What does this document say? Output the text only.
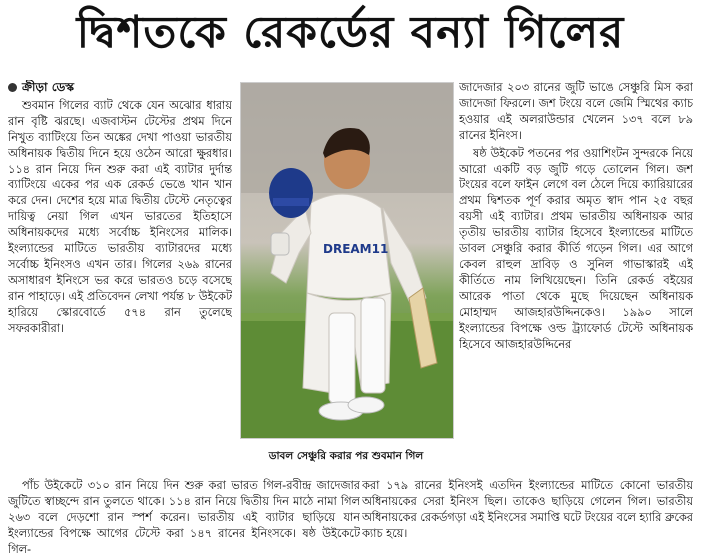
দ্বিশতকে রেকর্ডের বন্যা গিলের

ক্রীড়া ডেস্ক

শুবমান গিলের ব্যাট থেকে যেন অঝোর ধারায় রান বৃষ্টি ঝরছে। এজবাস্টন টেস্টের প্রথম দিনে নিখুত ব্যাটিংয়ে তিন অঙ্কের দেখা পাওয়া ভারতীয় অধিনায়ক দ্বিতীয় দিনে হয়ে ওঠেন আরো ক্ষুরধার। ১১৪ রান নিয়ে দিন শুরু করা এই ব্যাটার দুর্দান্ত ব্যাটিংয়ে একের পর এক রেকর্ড ভেঙে খান খান করে দেন। দেশের হয়ে মাত্র দ্বিতীয় টেস্টে নেতৃত্বের দায়িত্ব নেয়া গিল এখন ভারতের ইতিহাসে অধিনায়কদের মধ্যে সর্বোচ্চ ইনিংসের মালিক। ইংল্যান্ডের মাটিতে ভারতীয় ব্যাটারদের মধ্যে সর্বোচ্চ ইনিংসও এখন তার। গিলের ২৬৯ রানের অসাধারণ ইনিংসে ভর করে ভারতও চড়ে বসেছে রান পাহাড়ে। এই প্রতিবেদন লেখা পর্যন্ত ৮ উইকেট হারিয়ে স্কোরবোর্ডে ৫৭৪ রান তুলেছে সফরকারীরা।

DREAM11
ডাবল সেঞ্চুরি করার পর শুবমান গিল

জাদেজার ২০৩ রানের জুটি ভাঙে সেঞ্চুরি মিস করা জাদেজা ফিরলে। জশ টংয়ে বলে জেমি স্মিথের ক্যাচ হওয়ার এই অলরাউন্ডার খেলেন ১৩৭ বলে ৮৯ রানের ইনিংস।

ষষ্ঠ উইকেট পতনের পর ওয়াশিংটন সুন্দরকে নিয়ে আরো একটি বড় জুটি গড়ে তোলেন গিল। জশ টংয়ের বলে ফাইন লেগে বল ঠেলে দিয়ে ক্যারিয়ারের প্রথম দ্বিশতক পূর্ণ করার অমৃত স্বাদ পান ২৫ বছর বয়সী এই ব্যাটার। প্রথম ভারতীয় অধিনায়ক আর তৃতীয় ভারতীয় ব্যাটার হিসেবে ইংল্যান্ডের মাটিতে ডাবল সেঞ্চুরি করার কীর্তি গড়েন গিল। এর আগে কেবল রাহুল দ্রাবিড় ও সুনিল গাভাস্কারই এই কীর্তিতে নাম লিখিয়েছেন। তিনি রেকর্ড বইয়ের আরেক পাতা থেকে মুছে দিয়েছেন অধিনায়ক মোহাম্মদ আজহারউদ্দিনকেও। ১৯৯০ সালে ইংল্যান্ডের বিপক্ষে ওল্ড ট্র্যাফোর্ড টেস্টে অধিনায়ক হিসেবে আজহারউদ্দিনের

পাঁচ উইকেটে ৩১০ রান নিয়ে দিন শুরু করা ভারত গিল-রবীন্দ্র জাদেজার জুটিতে স্বাচ্ছন্দে রান তুলতে থাকে। ১১৪ রান নিয়ে দ্বিতীয় দিন মাঠে নামা গিল ২৬৩ বলে দেড়শো রান স্পর্শ করেন। ভারতীয় এই ব্যাটার ছাড়িয়ে যান ইংল্যান্ডের বিপক্ষে আগের টেস্টে করা ১৪৭ রানের ইনিংসকে। ষষ্ঠ উইকেটে গিল-

করা ১৭৯ রানের ইনিংসই এতদিন ইংল্যান্ডের মাটিতে কোনো ভারতীয় অধিনায়কের সেরা ইনিংস ছিল। তাকেও ছাড়িয়ে গেলেন গিল। ভারতীয় অধিনায়কের রেকর্ডগড়া এই ইনিংসের সমাপ্তি ঘটে টংয়ের বলে হ্যারি ব্রুকের ক্যাচ হয়ে।
